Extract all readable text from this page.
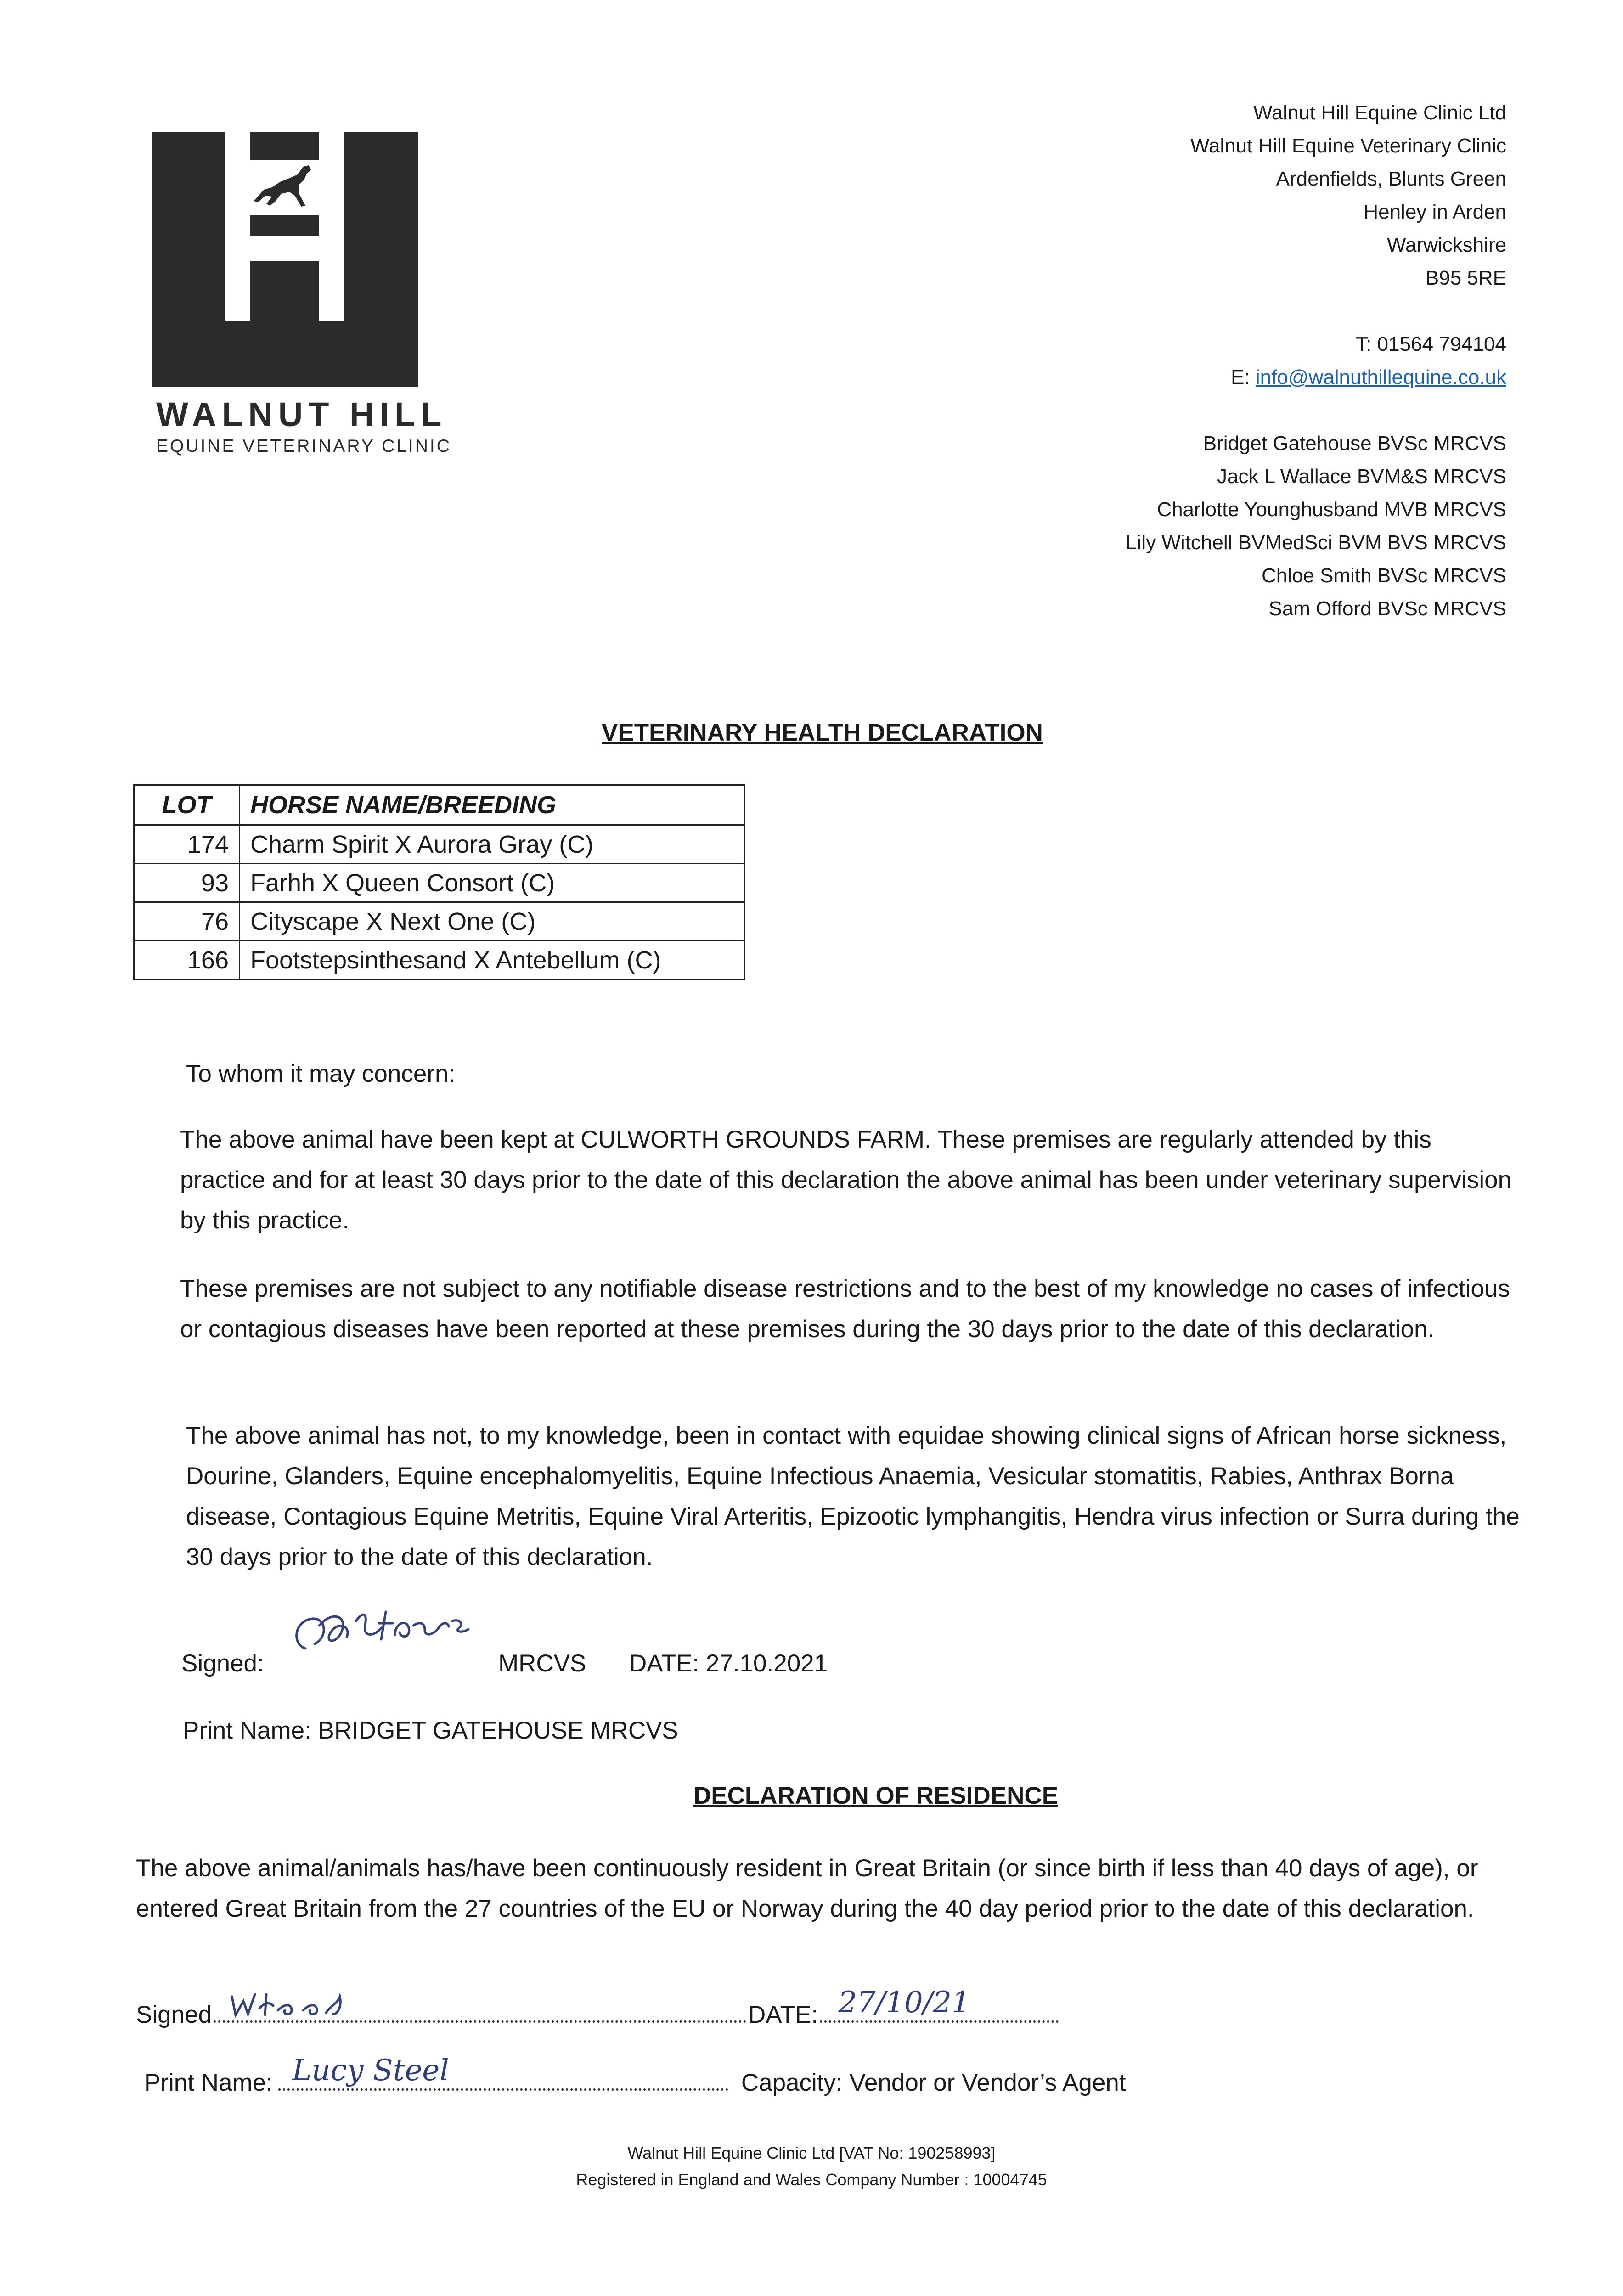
WALNUT HILL
EQUINE VETERINARY CLINIC
Walnut Hill Equine Clinic Ltd
Walnut Hill Equine Veterinary Clinic
Ardenfields, Blunts Green
Henley in Arden
Warwickshire
B95 5RE
T: 01564 794104
E: info@walnuthillequine.co.uk
Bridget Gatehouse BVSc MRCVS
Jack L Wallace BVM&S MRCVS
Charlotte Younghusband MVB MRCVS
Lily Witchell BVMedSci BVM BVS MRCVS
Chloe Smith BVSc MRCVS
Sam Offord BVSc MRCVS
VETERINARY HEALTH DECLARATION
LOT	HORSE NAME/BREEDING
174	Charm Spirit X Aurora Gray (C)
93	Farhh X Queen Consort (C)
76	Cityscape X Next One (C)
166	Footstepsinthesand X Antebellum (C)
To whom it may concern:
The above animal have been kept at CULWORTH GROUNDS FARM. These premises are regularly attended by this practice and for at least 30 days prior to the date of this declaration the above animal has been under veterinary supervision by this practice.
These premises are not subject to any notifiable disease restrictions and to the best of my knowledge no cases of infectious or contagious diseases have been reported at these premises during the 30 days prior to the date of this declaration.
The above animal has not, to my knowledge, been in contact with equidae showing clinical signs of African horse sickness, Dourine, Glanders, Equine encephalomyelitis, Equine Infectious Anaemia, Vesicular stomatitis, Rabies, Anthrax Borna disease, Contagious Equine Metritis, Equine Viral Arteritis, Epizootic lymphangitis, Hendra virus infection or Surra during the 30 days prior to the date of this declaration.
Signed:	MRCVS DATE: 27.10.2021
Print Name: BRIDGET GATEHOUSE MRCVS
DECLARATION OF RESIDENCE
The above animal/animals has/have been continuously resident in Great Britain (or since birth if less than 40 days of age), or entered Great Britain from the 27 countries of the EU or Norway during the 40 day period prior to the date of this declaration.
Signed	DATE: 27/10/21
Print Name: Lucy Steel	Capacity: Vendor or Vendor’s Agent
Walnut Hill Equine Clinic Ltd [VAT No: 190258993]
Registered in England and Wales Company Number : 10004745
